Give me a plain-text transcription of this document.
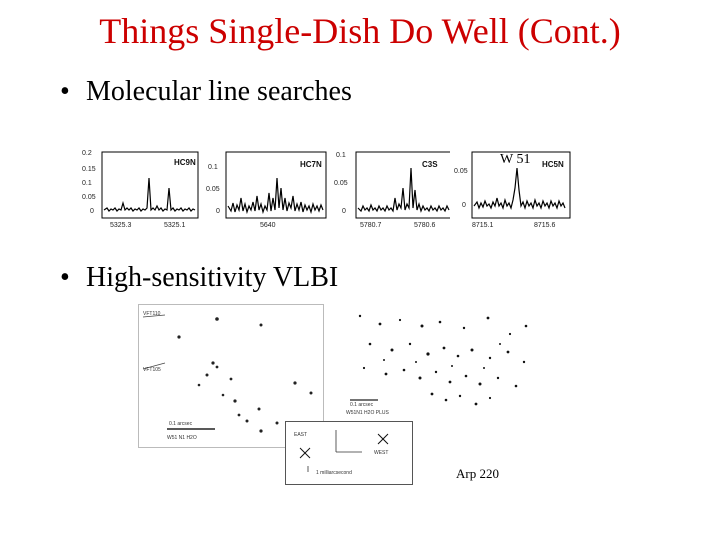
Things Single-Dish Do Well (Cont.)
• Molecular line searches
0.2
0.15
0.1
0.05
0
5325.3	5325.1
HC9N
0.1
0.05
0
5640
HC7N
0.1
0.05
0
5780.7	5780.6
C3S
0.05
0
8715.1	8715.6
HC5N
W 51
• High-sensitivity VLBI
VFT110
VFT105
0.1 arcsec
W51 N1 H2O
0.1 arcsec
W51N1 H2O PLUS
EAST
WEST
1 milliarcsecond	Arp 220
